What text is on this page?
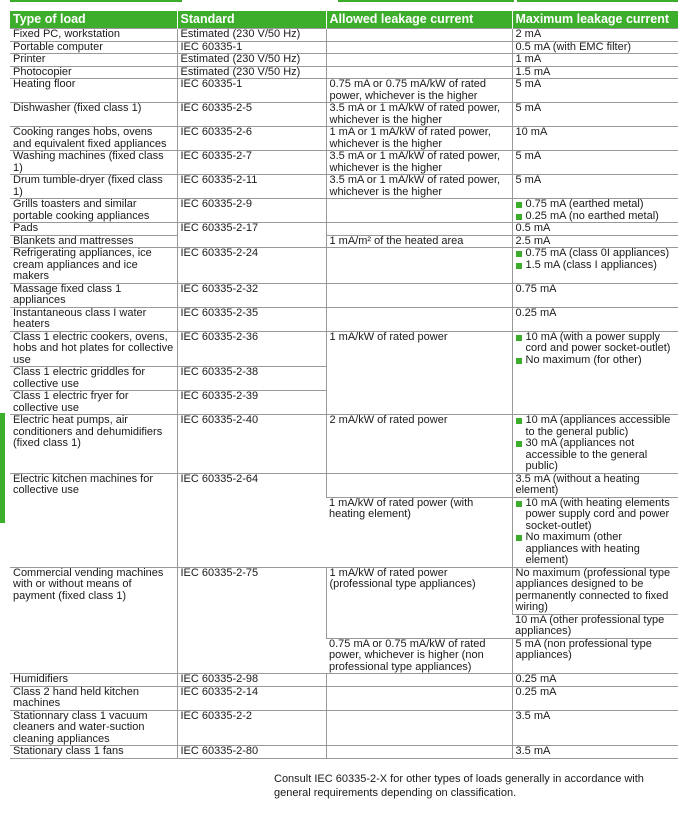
Type of load	Standard	Allowed leakage current	Maximum leakage current
Fixed PC, workstation	Estimated (230 V/50 Hz)		2 mA
Portable computer	IEC 60335-1		0.5 mA (with EMC filter)
Printer	Estimated (230 V/50 Hz)		1 mA
Photocopier	Estimated (230 V/50 Hz)		1.5 mA
Heating floor	IEC 60335-1	0.75 mA or 0.75 mA/kW of rated power, whichever is the higher	5 mA
Dishwasher (fixed class 1)	IEC 60335-2-5	3.5 mA or 1 mA/kW of rated power, whichever is the higher	5 mA
Cooking ranges hobs, ovens and equivalent fixed appliances	IEC 60335-2-6	1 mA or 1 mA/kW of rated power, whichever is the higher	10 mA
Washing machines (fixed class 1)	IEC 60335-2-7	3.5 mA or 1 mA/kW of rated power, whichever is the higher	5 mA
Drum tumble-dryer (fixed class 1)	IEC 60335-2-11	3.5 mA or 1 mA/kW of rated power, whichever is the higher	5 mA
Grills toasters and similar portable cooking appliances	IEC 60335-2-9		0.75 mA (earthed metal)
0.25 mA (no earthed metal)

Pads	IEC 60335-2-17		0.5 mA
Blankets and mattresses		1 mA/m² of the heated area	2.5 mA
Refrigerating appliances, ice cream appliances and ice makers	IEC 60335-2-24		0.75 mA (class 0I appliances)
1.5 mA (class I appliances)

Massage fixed class 1 appliances	IEC 60335-2-32		0.75 mA
Instantaneous class I water heaters	IEC 60335-2-35		0.25 mA
Class 1 electric cookers, ovens, hobs and hot plates for collective use	IEC 60335-2-36	1 mA/kW of rated power	10 mA (with a power supply cord and power socket-outlet)
No maximum (for other)

Class 1 electric griddles for collective use	IEC 60335-2-38		
Class 1 electric fryer for collective use	IEC 60335-2-39		
Electric heat pumps, air conditioners and dehumidifiers (fixed class 1)	IEC 60335-2-40	2 mA/kW of rated power	10 mA (appliances accessible to the general public)
30 mA (appliances not accessible to the general public)

Electric kitchen machines for collective use	IEC 60335-2-64		3.5 mA (without a heating element)
		1 mA/kW of rated power (with heating element)	10 mA (with heating elements power supply cord and power socket-outlet)
No maximum (other appliances with heating element)

Commercial vending machines with or without means of payment (fixed class 1)	IEC 60335-2-75	1 mA/kW of rated power (professional type appliances)	No maximum (professional type appliances designed to be permanently connected to fixed wiring)
			10 mA (other professional type appliances)
		0.75 mA or 0.75 mA/kW of rated power, whichever is higher (non professional type appliances)	5 mA (non professional type appliances)
Humidifiers	IEC 60335-2-98		0.25 mA
Class 2 hand held kitchen machines	IEC 60335-2-14		0.25 mA
Stationnary class 1 vacuum cleaners and water-suction cleaning appliances	IEC 60335-2-2		3.5 mA
Stationary class 1 fans	IEC 60335-2-80		3.5 mA
Consult IEC 60335-2-X for other types of loads generally in accordance with general requirements depending on classification.
